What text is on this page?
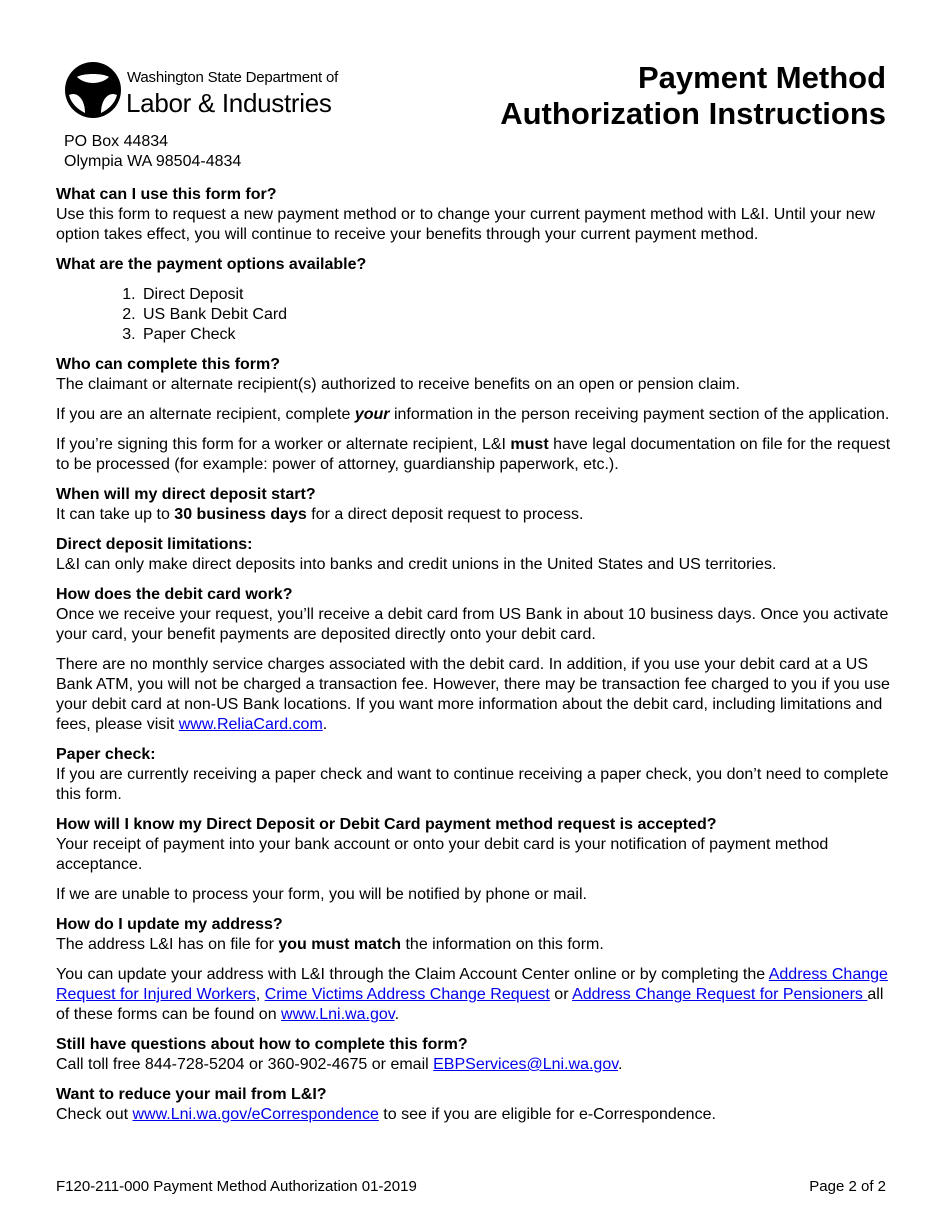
Washington State Department of
Labor & Industries
Payment Method
Authorization Instructions
PO Box 44834
Olympia WA 98504-4834
What can I use this form for?
Use this form to request a new payment method or to change your current payment method with L&I. Until your new option takes effect, you will continue to receive your benefits through your current payment method.
What are the payment options available?
1. Direct Deposit
2. US Bank Debit Card
3. Paper Check
Who can complete this form?

The claimant or alternate recipient(s) authorized to receive benefits on an open or pension claim.

If you are an alternate recipient, complete your information in the person receiving payment section of the application.

If you’re signing this form for a worker or alternate recipient, L&I must have legal documentation on file for the request to be processed (for example: power of attorney, guardianship paperwork, etc.).

When will my direct deposit start?
It can take up to 30 business days for a direct deposit request to process.
Direct deposit limitations:
L&I can only make direct deposits into banks and credit unions in the United States and US territories.
How does the debit card work?

Once we receive your request, you’ll receive a debit card from US Bank in about 10 business days. Once you activate your card, your benefit payments are deposited directly onto your debit card.

There are no monthly service charges associated with the debit card. In addition, if you use your debit card at a US Bank ATM, you will not be charged a transaction fee. However, there may be transaction fee charged to you if you use your debit card at non-US Bank locations. If you want more information about the debit card, including limitations and fees, please visit www.ReliaCard.com.

Paper check:
If you are currently receiving a paper check and want to continue receiving a paper check, you don’t need to complete this form.
How will I know my Direct Deposit or Debit Card payment method request is accepted?

Your receipt of payment into your bank account or onto your debit card is your notification of payment method acceptance.

If we are unable to process your form, you will be notified by phone or mail.

How do I update my address?

The address L&I has on file for you must match the information on this form.

You can update your address with L&I through the Claim Account Center online or by completing the Address Change Request for Injured Workers, Crime Victims Address Change Request or Address Change Request for Pensioners all of these forms can be found on www.Lni.wa.gov.

Still have questions about how to complete this form?
Call toll free 844-728-5204 or 360-902-4675 or email EBPServices@Lni.wa.gov.
Want to reduce your mail from L&I?
Check out www.Lni.wa.gov/eCorrespondence to see if you are eligible for e-Correspondence.
F120-211-000 Payment Method Authorization 01-2019	Page 2 of 2
